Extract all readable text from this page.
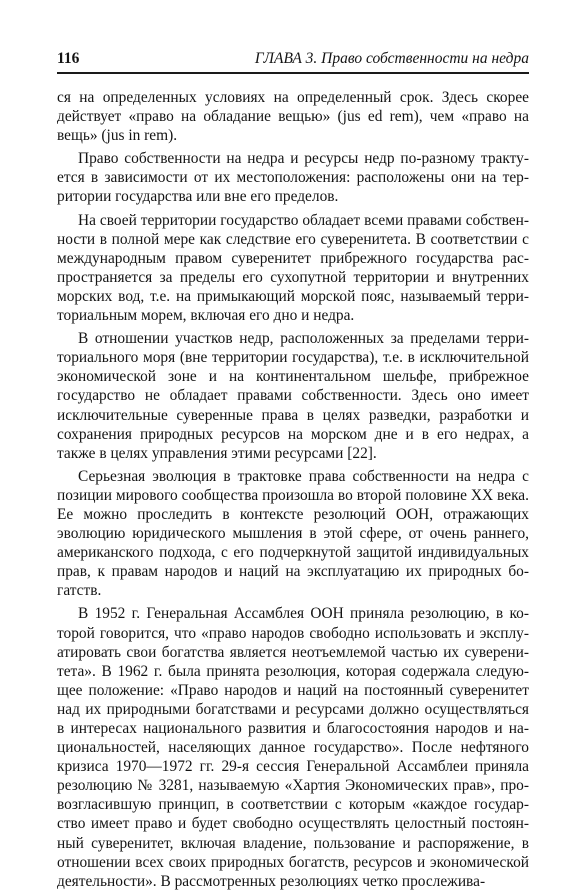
116	ГЛАВА 3. Право собственности на недра

ся на определенных условиях на определенный срок. Здесь скорее действует «право на обладание вещью» (jus ed rem), чем «право на вещь» (jus in rem).

Право собственности на недра и ресурсы недр по-разному трактуется в зависимости от их местоположения: расположены они на территории государства или вне его пределов.

На своей территории государство обладает всеми правами собственности в полной мере как следствие его суверенитета. В соответствии с международным правом суверенитет прибрежного государства распространяется за пределы его сухопутной территории и внутренних морских вод, т.е. на примыкающий морской пояс, называемый территориальным морем, включая его дно и недра.

В отношении участков недр, расположенных за пределами территориального моря (вне территории государства), т.е. в исключительной экономической зоне и на континентальном шельфе, прибрежное государство не обладает правами собственности. Здесь оно имеет исключительные суверенные права в целях разведки, разработки и сохранения природных ресурсов на морском дне и в его недрах, а также в целях управления этими ресурсами [22].

Серьезная эволюция в трактовке права собственности на недра с позиции мирового сообщества произошла во второй половине XX века. Ее можно проследить в контексте резолюций ООН, отражающих эволюцию юридического мышления в этой сфере, от очень раннего, американского подхода, с его подчеркнутой защитой индивидуальных прав, к правам народов и наций на эксплуатацию их природных богатств.

В 1952 г. Генеральная Ассамблея ООН приняла резолюцию, в которой говорится, что «право народов свободно использовать и эксплуатировать свои богатства является неотъемлемой частью их суверенитета». В 1962 г. была принята резолюция, которая содержала следующее положение: «Право народов и наций на постоянный суверенитет над их природными богатствами и ресурсами должно осуществляться в интересах национального развития и благосостояния народов и национальностей, населяющих данное государство». После нефтяного кризиса 1970—1972 гг. 29-я сессия Генеральной Ассамблеи приняла резолюцию № 3281, называемую «Хартия Экономических прав», провозгласившую принцип, в соответствии с которым «каждое государство имеет право и будет свободно осуществлять целостный постоянный суверенитет, включая владение, пользование и распоряжение, в отношении всех своих природных богатств, ресурсов и экономической деятельности». В рассмотренных резолюциях четко прослежива-
